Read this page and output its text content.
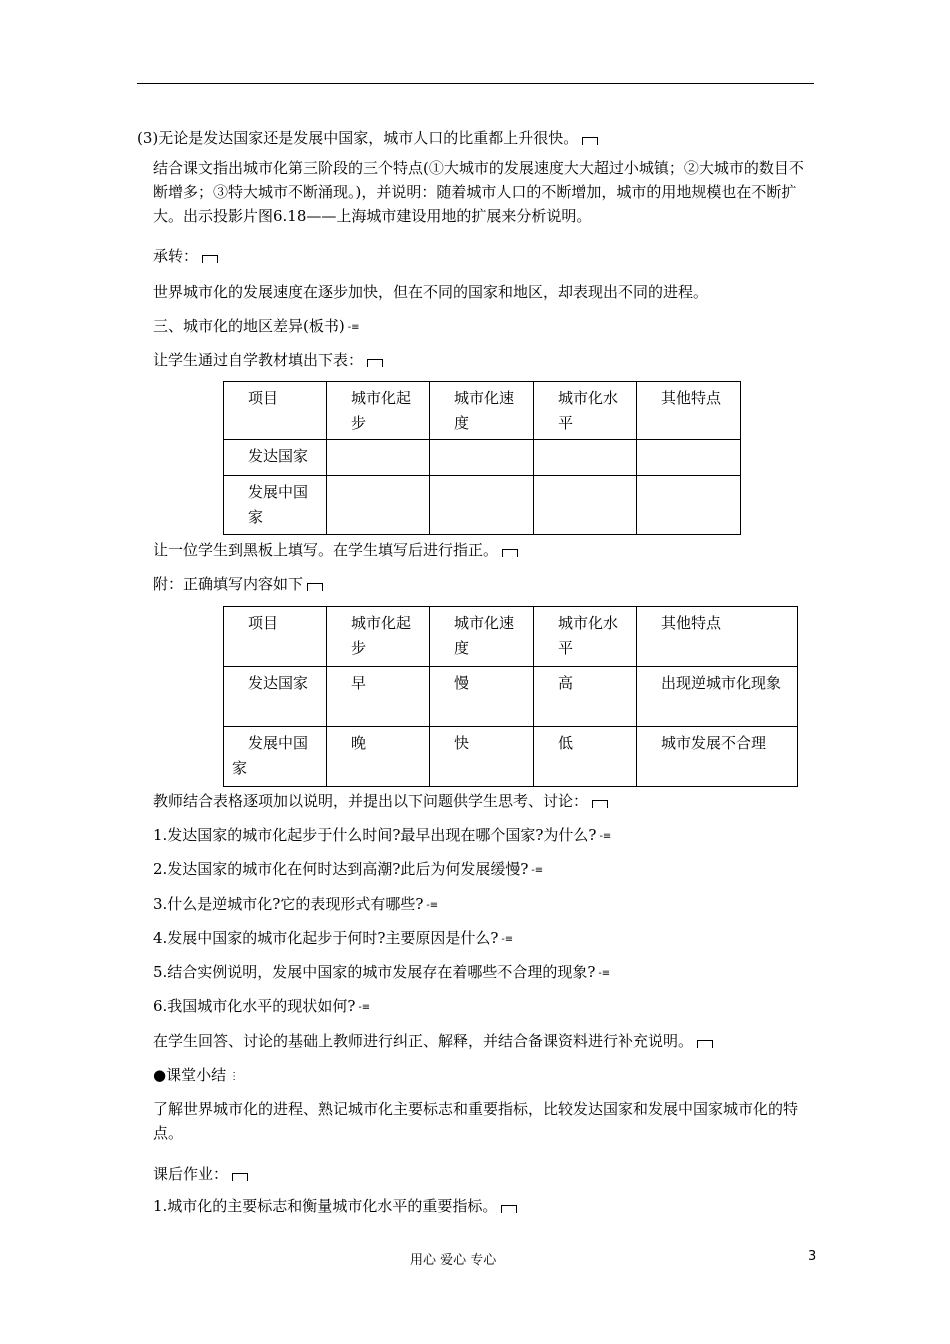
(3)无论是发达国家还是发展中国家，城市人口的比重都上升很快。
结合课文指出城市化第三阶段的三个特点(①大城市的发展速度大大超过小城镇；②大城市的数目不断增多；③特大城市不断涌现。)，并说明：随着城市人口的不断增加，城市的用地规模也在不断扩大。出示投影片图6.18——上海城市建设用地的扩展来分析说明。
承转：
世界城市化的发展速度在逐步加快，但在不同的国家和地区，却表现出不同的进程。
三、城市化的地区差异(板书) -≡
让学生通过自学教材填出下表：
项目	城市化起步	城市化速度	城市化水平	其他特点

发达国家				

发展中国家				

让一位学生到黑板上填写。在学生填写后进行指正。
附：正确填写内容如下
项目	城市化起步	城市化速度	城市化水平	其他特点

发达国家	早	慢	高	出现逆城市化现象

发展中国家	晚	快	低	城市发展不合理
教师结合表格逐项加以说明，并提出以下问题供学生思考、讨论：
1.发达国家的城市化起步于什么时间?最早出现在哪个国家?为什么? -≡
2.发达国家的城市化在何时达到高潮?此后为何发展缓慢? -≡
3.什么是逆城市化?它的表现形式有哪些? -≡
4.发展中国家的城市化起步于何时?主要原因是什么? -≡
5.结合实例说明，发展中国家的城市发展存在着哪些不合理的现象? -≡
6.我国城市化水平的现状如何? -≡
在学生回答、讨论的基础上教师进行纠正、解释，并结合备课资料进行补充说明。
●课堂小结 ⋮
了解世界城市化的进程、熟记城市化主要标志和重要指标，比较发达国家和发展中国家城市化的特点。
课后作业：
1.城市化的主要标志和衡量城市化水平的重要指标。
用心 爱心 专心	3
